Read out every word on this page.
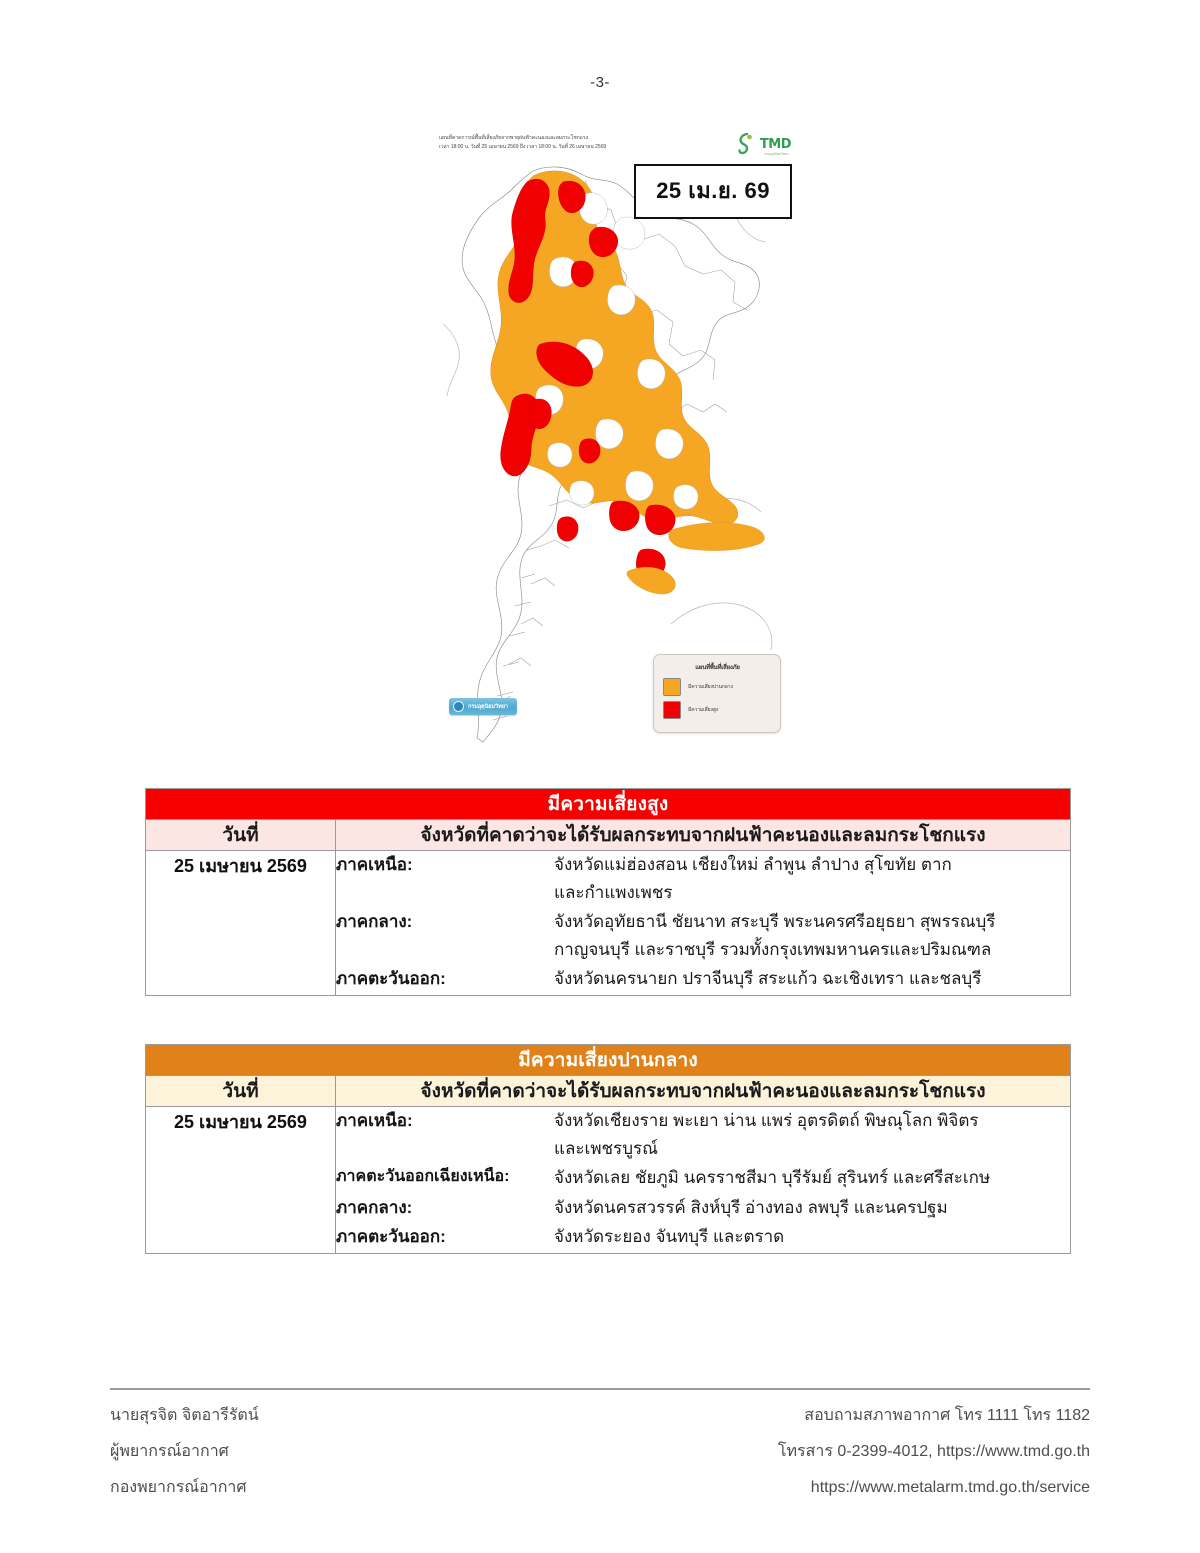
-3-
แผนที่คาดการณ์พื้นที่เสี่ยงภัยจากพายุฝนฟ้าคะนองและลมกระโชกแรง
เวลา 18:00 น. วันที่ 25 เมษายน 2569 ถึง เวลา 18:00 น. วันที่ 26 เมษายน 2569	TMD
กรมอุตุนิยมวิทยา
25 เม.ย. 69
แผนที่พื้นที่เสี่ยงภัย
มีความเสี่ยงปานกลาง
มีความเสี่ยงสูง
กรมอุตุนิยมวิทยา
มีความเสี่ยงสูง
วันที่	จังหวัดที่คาดว่าจะได้รับผลกระทบจากฝนฟ้าคะนองและลมกระโชกแรง
25 เมษายน 2569	ภาคเหนือ:	จังหวัดแม่ฮ่องสอน เชียงใหม่ ลำพูน ลำปาง สุโขทัย ตาก
และกำแพงเพชร

ภาคกลาง:	จังหวัดอุทัยธานี ชัยนาท สระบุรี พระนครศรีอยุธยา สุพรรณบุรี
กาญจนบุรี และราชบุรี รวมทั้งกรุงเทพมหานครและปริมณฑล

ภาคตะวันออก:	จังหวัดนครนายก ปราจีนบุรี สระแก้ว ฉะเชิงเทรา และชลบุรี
มีความเสี่ยงปานกลาง
วันที่	จังหวัดที่คาดว่าจะได้รับผลกระทบจากฝนฟ้าคะนองและลมกระโชกแรง
25 เมษายน 2569	ภาคเหนือ:	จังหวัดเชียงราย พะเยา น่าน แพร่ อุตรดิตถ์ พิษณุโลก พิจิตร
และเพชรบูรณ์

ภาคตะวันออกเฉียงเหนือ:	จังหวัดเลย ชัยภูมิ นครราชสีมา บุรีรัมย์ สุรินทร์ และศรีสะเกษ

ภาคกลาง:	จังหวัดนครสวรรค์ สิงห์บุรี อ่างทอง ลพบุรี และนครปฐม

ภาคตะวันออก:	จังหวัดระยอง จันทบุรี และตราด
นายสุรจิต จิตอารีรัตน์
ผู้พยากรณ์อากาศ
กองพยากรณ์อากาศ
สอบถามสภาพอากาศ โทร 1111 โทร 1182
โทรสาร 0-2399-4012, https://www.tmd.go.th
https://www.metalarm.tmd.go.th/service
